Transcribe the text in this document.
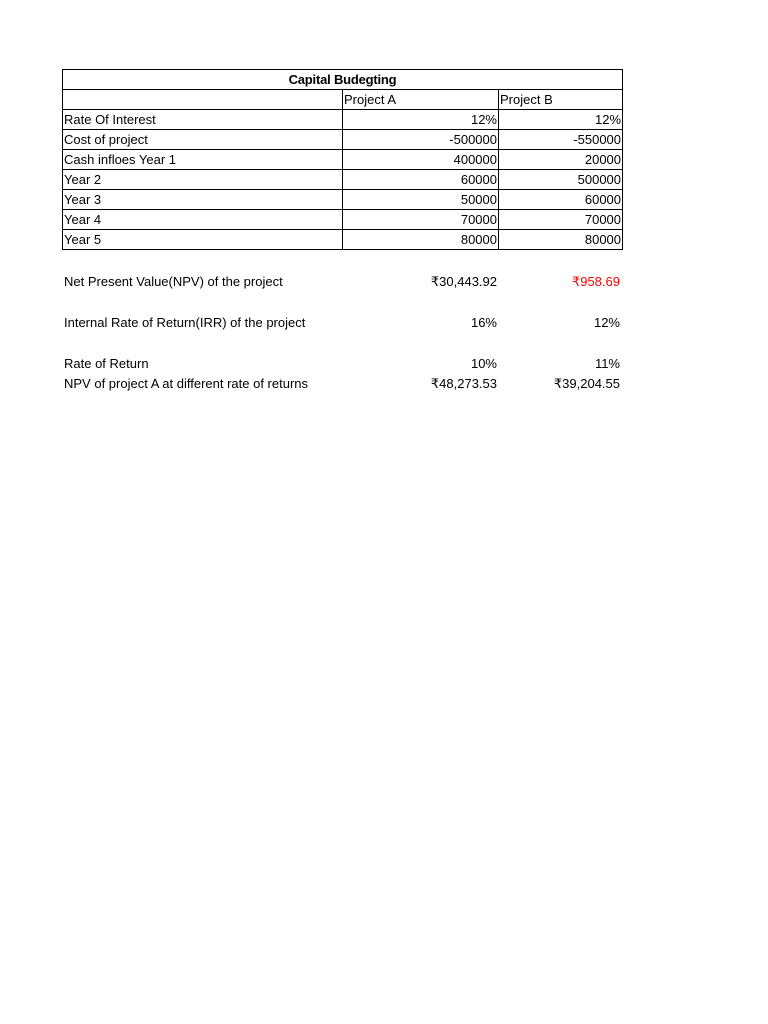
Capital Budegting		
	Project A	Project B
Rate Of Interest	12%	12%
Cost of project	-500000	-550000
Cash infloes Year 1	400000	20000
Year 2	60000	500000
Year 3	50000	60000
Year 4	70000	70000
Year 5	80000	80000
Net Present Value(NPV) of the project	₹30,443.92	₹958.69
Internal Rate of Return(IRR) of the project	16%	12%
Rate of Return	10%	11%
NPV of project A at different rate of returns	₹48,273.53	₹39,204.55
